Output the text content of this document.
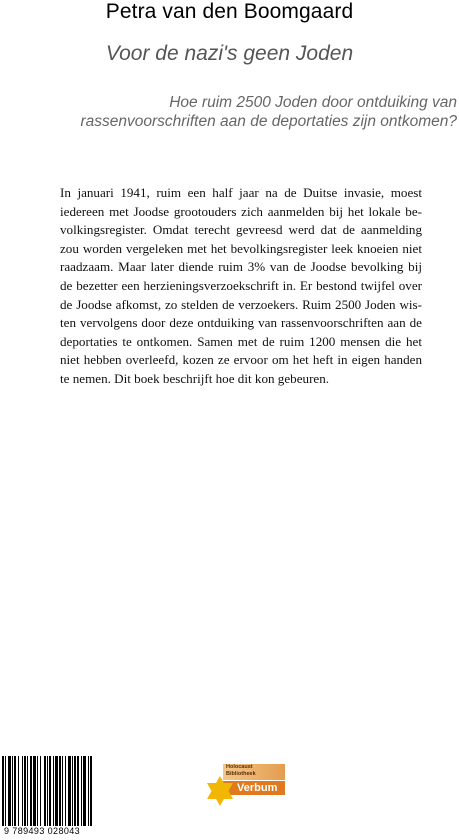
Petra van den Boomgaard
Voor de nazi's geen Joden
Hoe ruim 2500 Joden door ontduiking van
rassenvoorschriften aan de deportaties zijn ontkomen?
In januari 1941, ruim een half jaar na de Duitse invasie, moest
iedereen met Joodse grootouders zich aanmelden bij het lokale be-
volkingsregister. Omdat terecht gevreesd werd dat de aanmelding
zou worden vergeleken met het bevolkingsregister leek knoeien niet
raadzaam. Maar later diende ruim 3% van de Joodse bevolking bij
de bezetter een herzieningsverzoekschrift in. Er bestond twijfel over
de Joodse afkomst, zo stelden de verzoekers. Ruim 2500 Joden wis-
ten vervolgens door deze ontduiking van rassenvoorschriften aan de
deportaties te ontkomen. Samen met de ruim 1200 mensen die het
niet hebben overleefd, kozen ze ervoor om het heft in eigen handen
te nemen. Dit boek beschrijft hoe dit kon gebeuren.
9 789493 028043
Holocaust
Bibliotheek
Verbum
